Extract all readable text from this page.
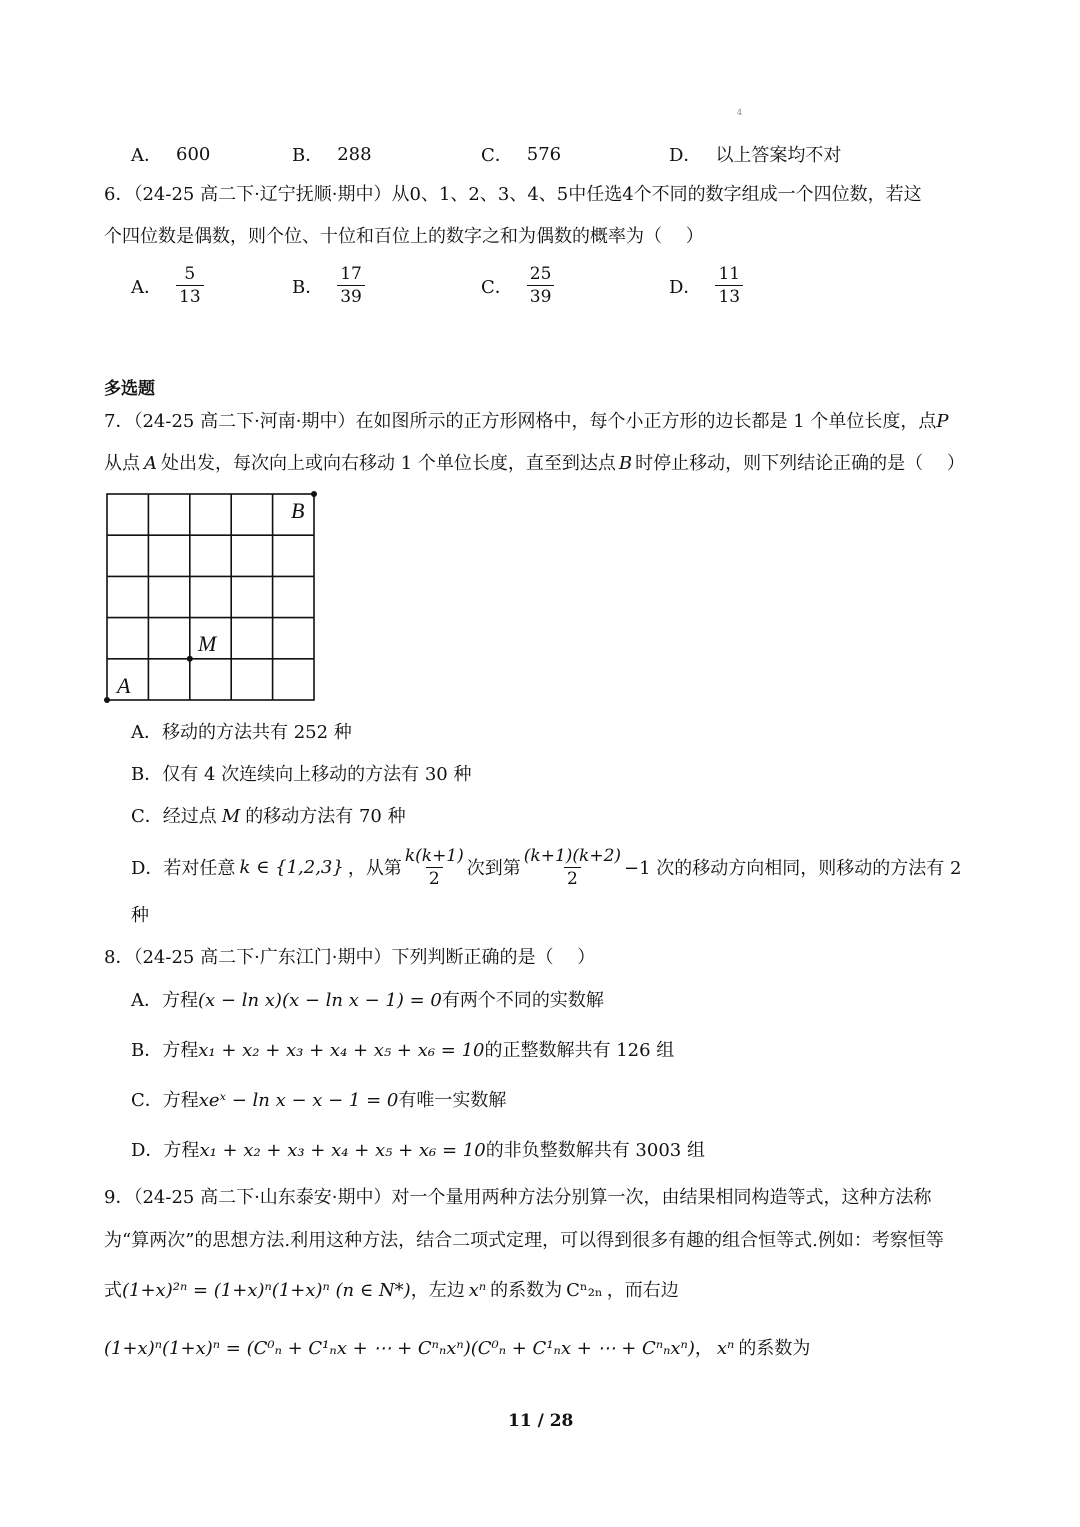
4
A． 600	B． 288	C． 576	D． 以上答案均不对
6．（24-25 高二下·辽宁抚顺·期中）从0、1、2、3、4、5中任选4个不同的数字组成一个四位数，若这
个四位数是偶数，则个位、十位和百位上的数字之和为偶数的概率为（　 ）
A． $\frac{5}{13}$	B． $\frac{17}{39}$	C． $\frac{25}{39}$	D． $\frac{11}{13}$
多选题
7．（24-25 高二下·河南·期中）在如图所示的正方形网格中，每个小正方形的边长都是 1 个单位长度，点P
从点 A 处出发，每次向上或向右移动 1 个单位长度，直至到达点 B 时停止移动，则下列结论正确的是（　 ）
A
B
M
A．移动的方法共有 252 种
B．仅有 4 次连续向上移动的方法有 30 种
C．经过点 M 的移动方法有 70 种
D．若对任意 k ∈ {1,2,3} ，从第 $\frac{k(k+1)}{2}$ 次到第 $\frac{(k+1)(k+2)}{2} -1$ 次的移动方向相同，则移动的方法有 2
种
8．（24-25 高二下·广东江门·期中）下列判断正确的是（　 ）
A．方程(x − ln x)(x − ln x − 1) = 0有两个不同的实数解
B．方程x₁ + x₂ + x₃ + x₄ + x₅ + x₆ = 10的正整数解共有 126 组
C．方程xeˣ − ln x − x − 1 = 0有唯一实数解
D．方程x₁ + x₂ + x₃ + x₄ + x₅ + x₆ = 10的非负整数解共有 3003 组
9．（24-25 高二下·山东泰安·期中）对一个量用两种方法分别算一次，由结果相同构造等式，这种方法称
为“算两次”的思想方法.利用这种方法，结合二项式定理，可以得到很多有趣的组合恒等式.例如：考察恒等
式(1+x)²ⁿ = (1+x)ⁿ(1+x)ⁿ (n ∈ N*)，左边 xⁿ 的系数为 Cⁿ₂ₙ ，而右边
(1+x)ⁿ(1+x)ⁿ = (C⁰ₙ + C¹ₙx + ⋯ + Cⁿₙxⁿ)(C⁰ₙ + C¹ₙx + ⋯ + Cⁿₙxⁿ)， xⁿ 的系数为
11 / 28
